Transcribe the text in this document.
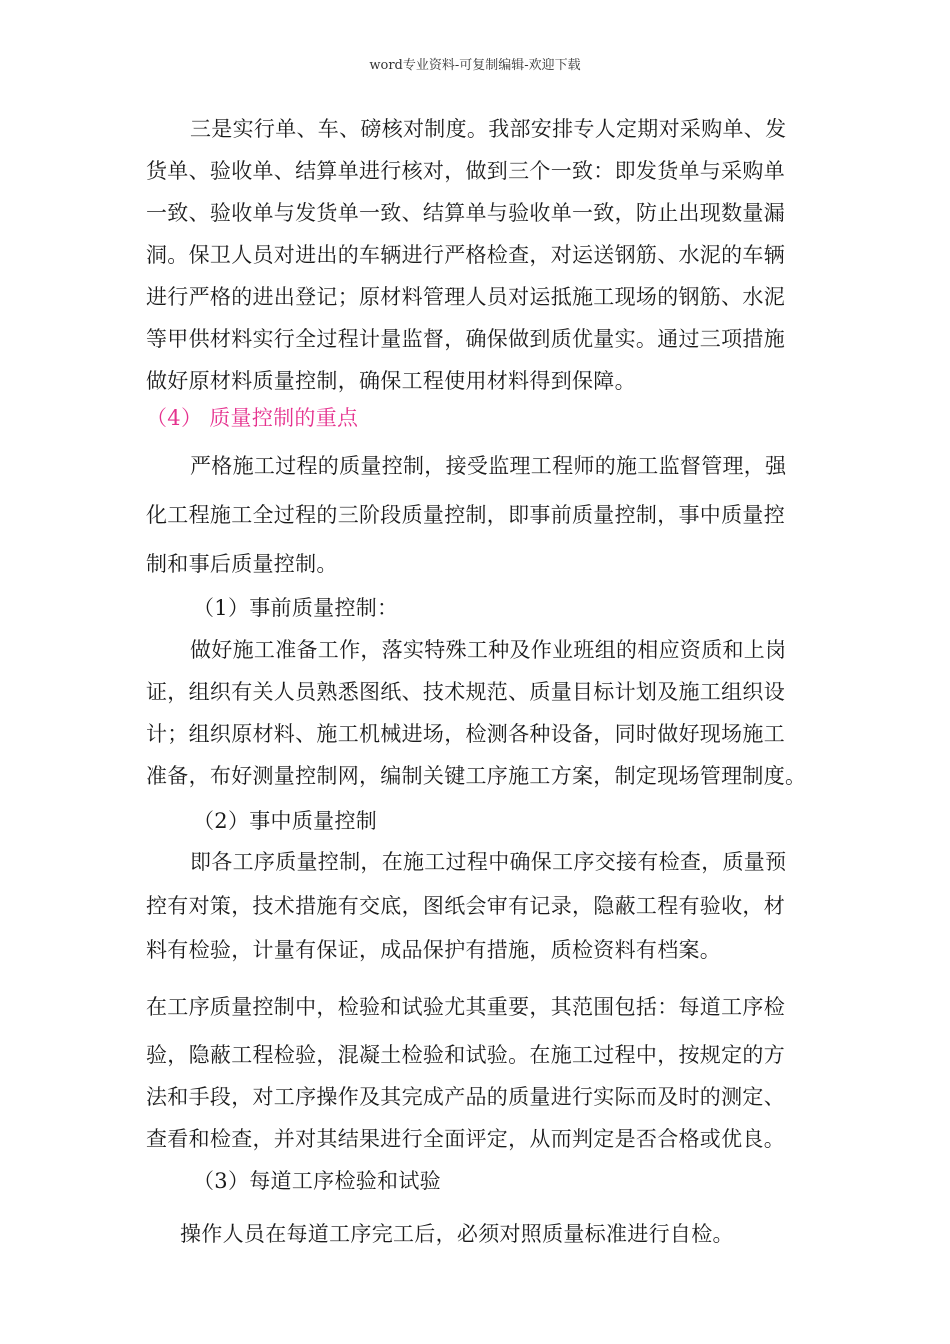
word专业资料-可复制编辑-欢迎下载
三是实行单、车、磅核对制度。我部安排专人定期对采购单、发
货单、验收单、结算单进行核对，做到三个一致：即发货单与采购单
一致、验收单与发货单一致、结算单与验收单一致，防止出现数量漏
洞。保卫人员对进出的车辆进行严格检查，对运送钢筋、水泥的车辆
进行严格的进出登记；原材料管理人员对运抵施工现场的钢筋、水泥
等甲供材料实行全过程计量监督，确保做到质优量实。通过三项措施
做好原材料质量控制，确保工程使用材料得到保障。
（4） 质量控制的重点
严格施工过程的质量控制，接受监理工程师的施工监督管理，强
化工程施工全过程的三阶段质量控制，即事前质量控制，事中质量控
制和事后质量控制。
（1）事前质量控制：
做好施工准备工作，落实特殊工种及作业班组的相应资质和上岗
证，组织有关人员熟悉图纸、技术规范、质量目标计划及施工组织设
计；组织原材料、施工机械进场，检测各种设备，同时做好现场施工
准备，布好测量控制网，编制关键工序施工方案，制定现场管理制度。
（2）事中质量控制
即各工序质量控制，在施工过程中确保工序交接有检查，质量预
控有对策，技术措施有交底，图纸会审有记录，隐蔽工程有验收，材
料有检验，计量有保证，成品保护有措施，质检资料有档案。
在工序质量控制中，检验和试验尤其重要，其范围包括：每道工序检
验，隐蔽工程检验，混凝土检验和试验。在施工过程中，按规定的方
法和手段，对工序操作及其完成产品的质量进行实际而及时的测定、
查看和检查，并对其结果进行全面评定，从而判定是否合格或优良。
（3）每道工序检验和试验
操作人员在每道工序完工后，必须对照质量标准进行自检。
